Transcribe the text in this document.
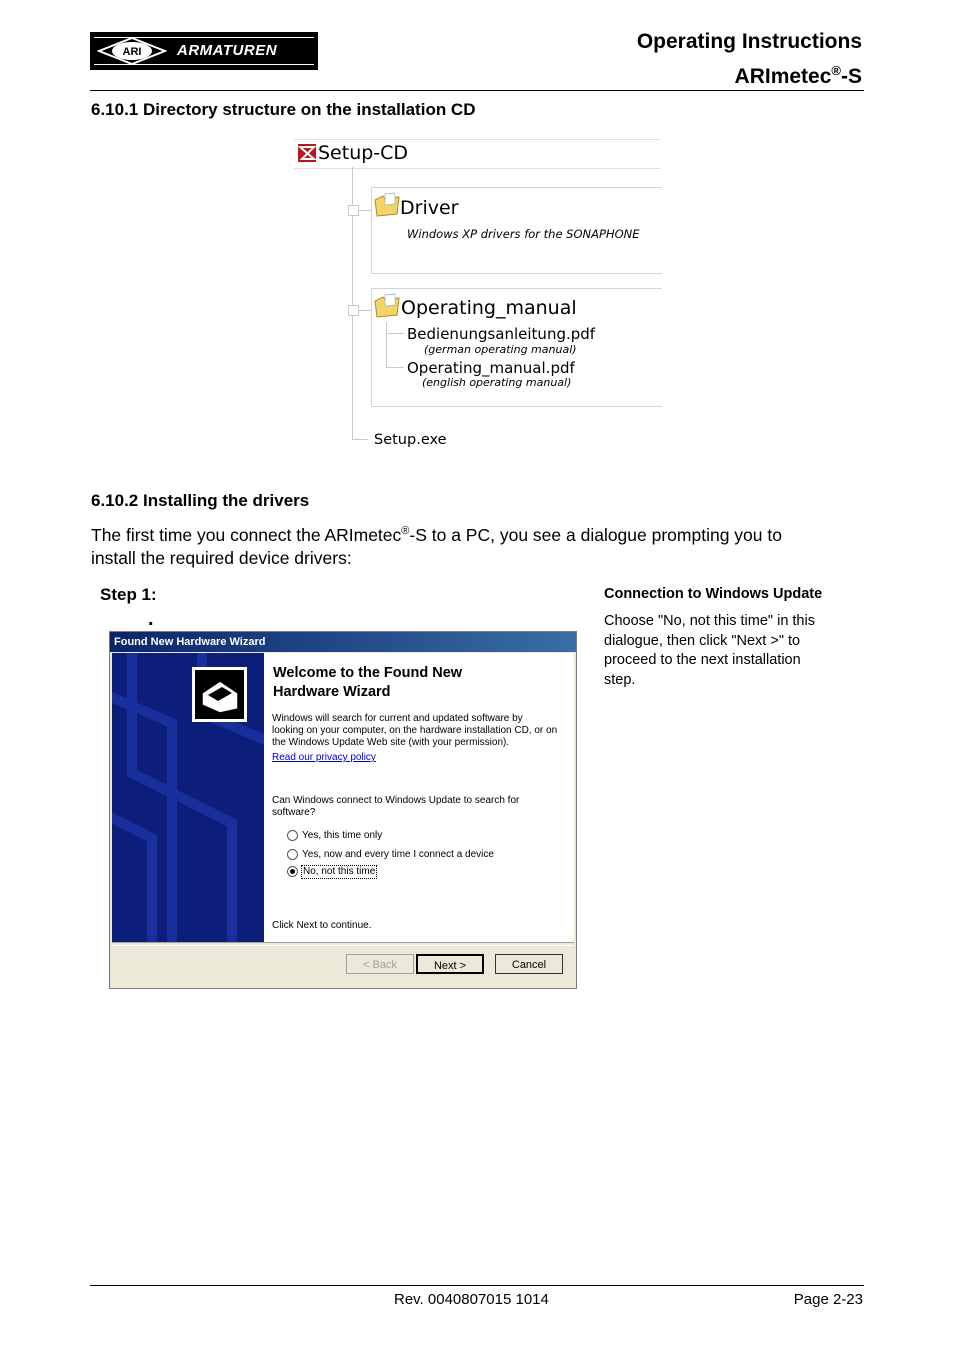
ARI ARMATUREN	Operating Instructions
ARImetec®-S
6.10.1 Directory structure on the installation CD
Setup-CD
Driver
Windows XP drivers for the SONAPHONE
Operating_manual
Bedienungsanleitung.pdf
(german operating manual)
Operating_manual.pdf
(english operating manual)
Setup.exe
6.10.2 Installing the drivers
The first time you connect the ARImetec®-S to a PC, you see a dialogue prompting you to
install the required device drivers:
Step 1:
.
Found New Hardware Wizard
Welcome to the Found New
Hardware Wizard
Windows will search for current and updated software by
looking on your computer, on the hardware installation CD, or on
the Windows Update Web site (with your permission).
Read our privacy policy
Can Windows connect to Windows Update to search for
software?
Yes, this time only
Yes, now and every time I connect a device
No, not this time
Click Next to continue.
< Back	Next >	Cancel
Connection to Windows Update
Choose "No, not this time" in this
dialogue, then click "Next >" to
proceed to the next installation
step.
Rev. 0040807015 1014	Page 2-23
